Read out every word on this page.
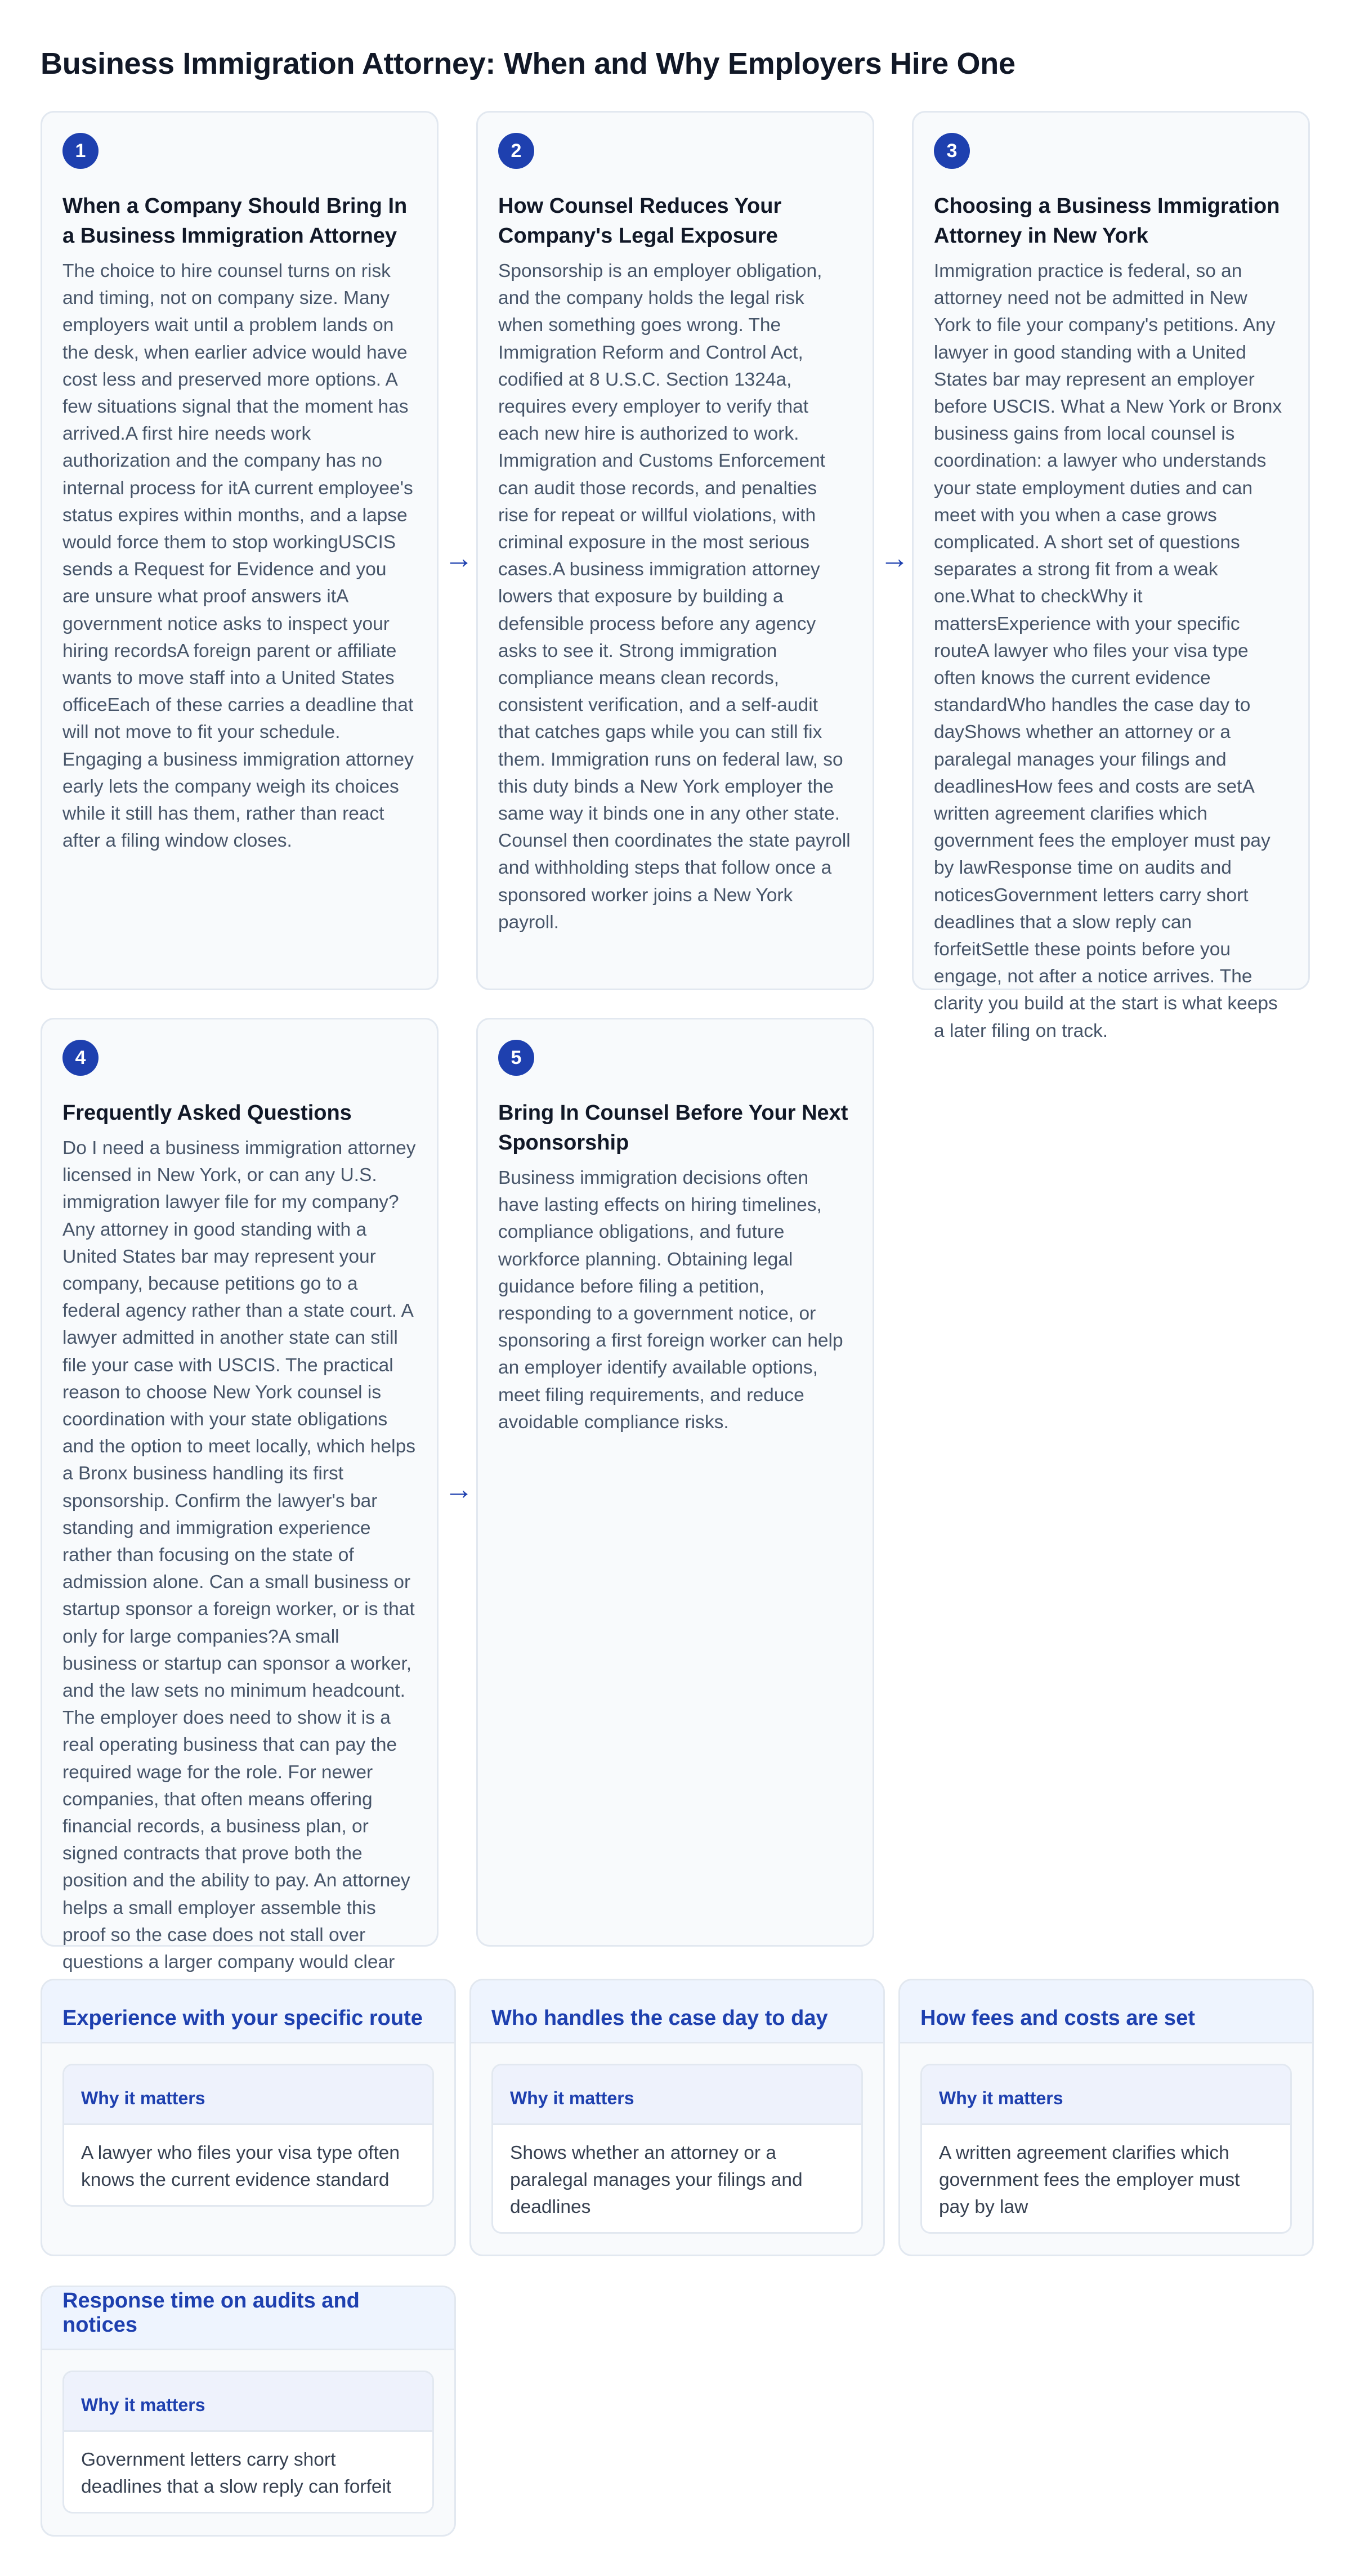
Business Immigration Attorney: When and Why Employers Hire One
1
When a Company Should Bring In a Business Immigration Attorney

The choice to hire counsel turns on risk and timing, not on company size. Many employers wait until a problem lands on the desk, when earlier advice would have cost less and preserved more options. A few situations signal that the moment has arrived.A first hire needs work authorization and the company has no internal process for itA current employee's status expires within months, and a lapse would force them to stop workingUSCIS sends a Request for Evidence and you are unsure what proof answers itA government notice asks to inspect your hiring recordsA foreign parent or affiliate wants to move staff into a United States officeEach of these carries a deadline that will not move to fit your schedule. Engaging a business immigration attorney early lets the company weigh its choices while it still has them, rather than react after a filing window closes.

→
2
How Counsel Reduces Your Company's Legal Exposure

Sponsorship is an employer obligation, and the company holds the legal risk when something goes wrong. The Immigration Reform and Control Act, codified at 8 U.S.C. Section 1324a, requires every employer to verify that each new hire is authorized to work. Immigration and Customs Enforcement can audit those records, and penalties rise for repeat or willful violations, with criminal exposure in the most serious cases.A business immigration attorney lowers that exposure by building a defensible process before any agency asks to see it. Strong immigration compliance means clean records, consistent verification, and a self-audit that catches gaps while you can still fix them. Immigration runs on federal law, so this duty binds a New York employer the same way it binds one in any other state. Counsel then coordinates the state payroll and withholding steps that follow once a sponsored worker joins a New York payroll.

→
3
Choosing a Business Immigration Attorney in New York

Immigration practice is federal, so an attorney need not be admitted in New York to file your company's petitions. Any lawyer in good standing with a United States bar may represent an employer before USCIS. What a New York or Bronx business gains from local counsel is coordination: a lawyer who understands your state employment duties and can meet with you when a case grows complicated. A short set of questions separates a strong fit from a weak one.What to checkWhy it mattersExperience with your specific routeA lawyer who files your visa type often knows the current evidence standardWho handles the case day to dayShows whether an attorney or a paralegal manages your filings and deadlinesHow fees and costs are setA written agreement clarifies which government fees the employer must pay by lawResponse time on audits and noticesGovernment letters carry short deadlines that a slow reply can forfeitSettle these points before you engage, not after a notice arrives. The clarity you build at the start is what keeps a later filing on track.

4
Frequently Asked Questions

Do I need a business immigration attorney licensed in New York, or can any U.S. immigration lawyer file for my company?Any attorney in good standing with a United States bar may represent your company, because petitions go to a federal agency rather than a state court. A lawyer admitted in another state can still file your case with USCIS. The practical reason to choose New York counsel is coordination with your state obligations and the option to meet locally, which helps a Bronx business handling its first sponsorship. Confirm the lawyer's bar standing and immigration experience rather than focusing on the state of admission alone. Can a small business or startup sponsor a foreign worker, or is that only for large companies?A small business or startup can sponsor a worker, and the law sets no minimum headcount. The employer does need to show it is a real operating business that can pay the required wage for the role. For newer companies, that often means offering financial records, a business plan, or signed contracts that prove both the position and the ability to pay. An attorney helps a small employer assemble this proof so the case does not stall over questions a larger company would clear

→
5
Bring In Counsel Before Your Next Sponsorship

Business immigration decisions often have lasting effects on hiring timelines, compliance obligations, and future workforce planning. Obtaining legal guidance before filing a petition, responding to a government notice, or sponsoring a first foreign worker can help an employer identify available options, meet filing requirements, and reduce avoidable compliance risks.

Experience with your specific route
Why it matters
A lawyer who files your visa type often knows the current evidence standard
Who handles the case day to day
Why it matters
Shows whether an attorney or a paralegal manages your filings and deadlines
How fees and costs are set
Why it matters
A written agreement clarifies which government fees the employer must pay by law
Response time on audits and notices
Why it matters
Government letters carry short deadlines that a slow reply can forfeit
